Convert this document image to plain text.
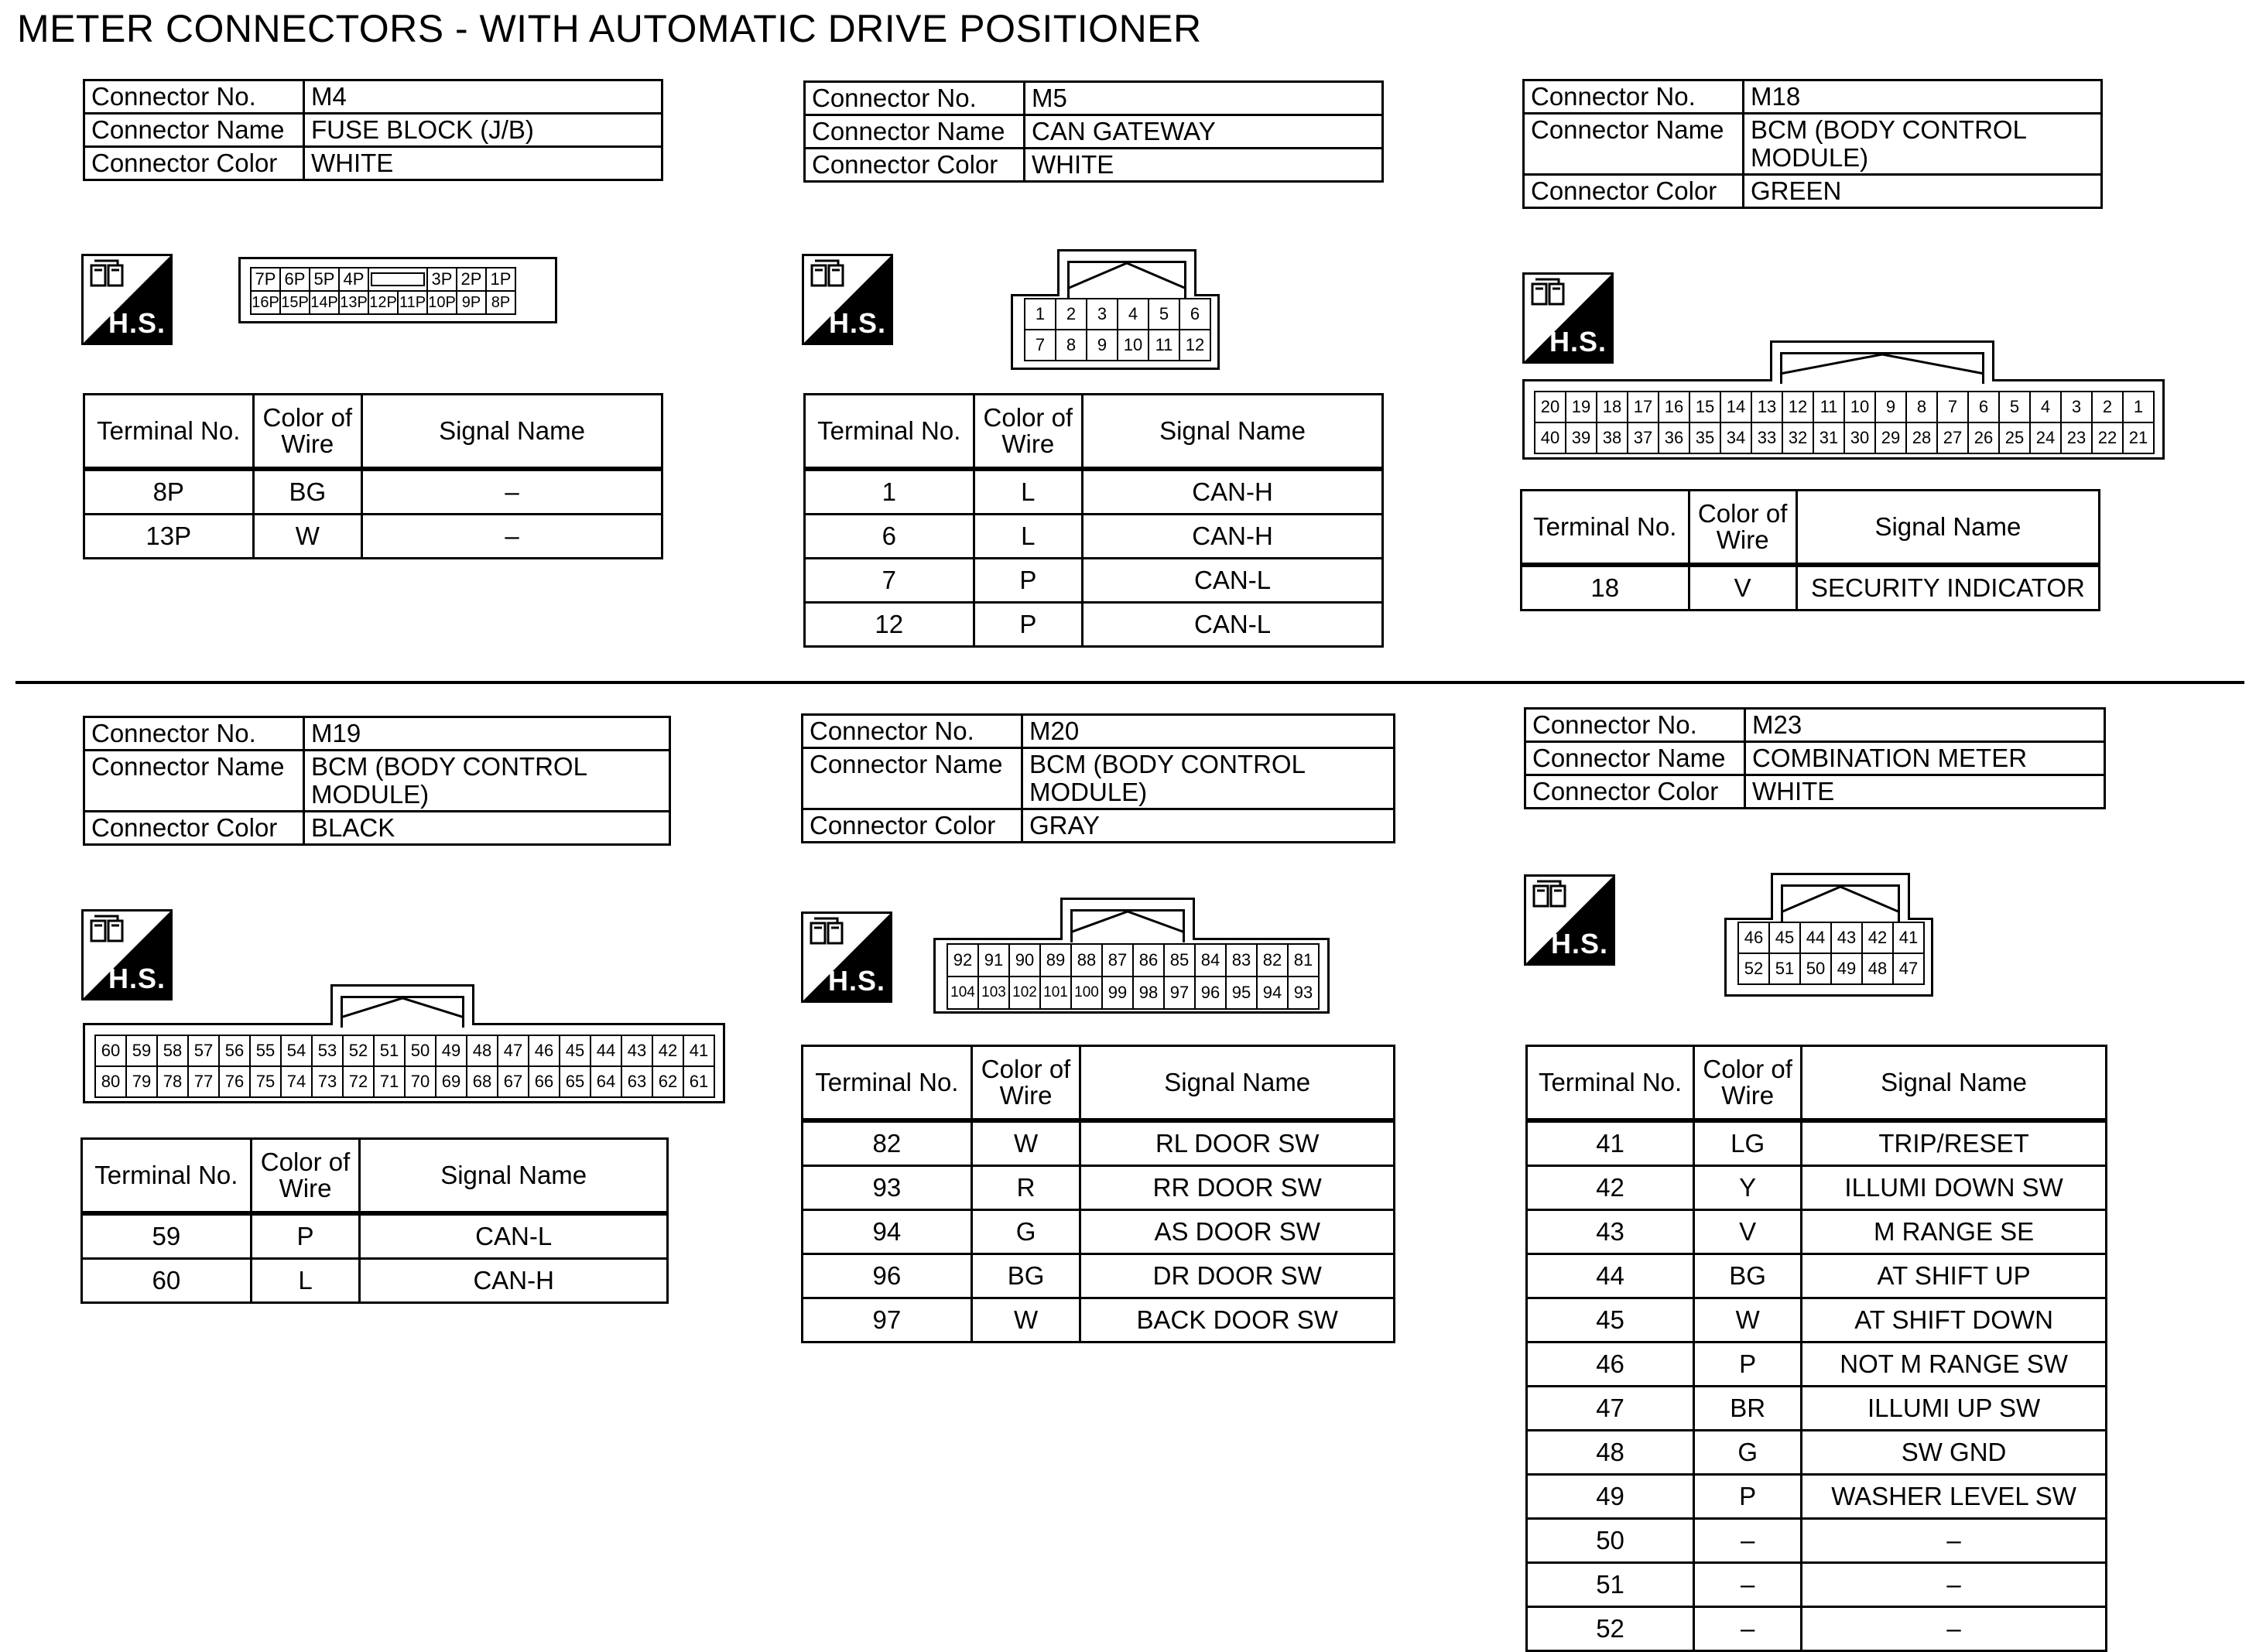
METER CONNECTORS - WITH AUTOMATIC DRIVE POSITIONER
Connector No.	M4
Connector Name	FUSE BLOCK (J/B)
Connector Color	WHITE
H.S.
7P 6P 5P 4P	3P 2P 1P
16P 15P 14P 13P 12P 11P 10P 9P 8P
Terminal No.	Color of Wire	Signal Name
8P	BG	–
13P	W	–
Connector No.	M5
Connector Name	CAN GATEWAY
Connector Color	WHITE
H.S.	1	2	3	4	5	6
7	8	9 10 11 12
Terminal No.	Color of Wire	Signal Name
1	L	CAN-H
6	L	CAN-H
7	P	CAN-L
12	P	CAN-L
Connector No.	M18
Connector Name	BCM (BODY CONTROL MODULE)
Connector Color	GREEN
H.S.
20 19 18 17 16 15 14 13 12 11 10 9	8	7	6	5	4	3	2	1
40 39 38 37 36 35 34 33 32 31 30 29 28 27 26 25 24 23 22 21
Terminal No.	Color of Wire	Signal Name
18	V	SECURITY INDICATOR
Connector No.	M19
Connector Name	BCM (BODY CONTROL MODULE)
Connector Color	BLACK
H.S.
60 59 58 57 56 55 54 53 52 51 50 49 48 47 46 45 44 43 42 41
80 79 78 77 76 75 74 73 72 71 70 69 68 67 66 65 64 63 62 61
Terminal No.	Color of Wire	Signal Name
59	P	CAN-L
60	L	CAN-H
Connector No.	M20
Connector Name	BCM (BODY CONTROL MODULE)
Connector Color	GRAY
H.S.
92 91 90 89 88 87 86 85 84 83 82 81
104 103 102 101 100 99 98 97 96 95 94 93
Terminal No.	Color of Wire	Signal Name
82	W	RL DOOR SW
93	R	RR DOOR SW
94	G	AS DOOR SW
96	BG	DR DOOR SW
97	W	BACK DOOR SW
Connector No.	M23
Connector Name	COMBINATION METER
Connector Color	WHITE
H.S.	46 45 44 43 42 41
52 51 50 49 48 47
Terminal No.	Color of Wire	Signal Name
41	LG	TRIP/RESET
42	Y	ILLUMI DOWN SW
43	V	M RANGE SE
44	BG	AT SHIFT UP
45	W	AT SHIFT DOWN
46	P	NOT M RANGE SW
47	BR	ILLUMI UP SW
48	G	SW GND
49	P	WASHER LEVEL SW
50	–	–
51	–	–
52	–	–
